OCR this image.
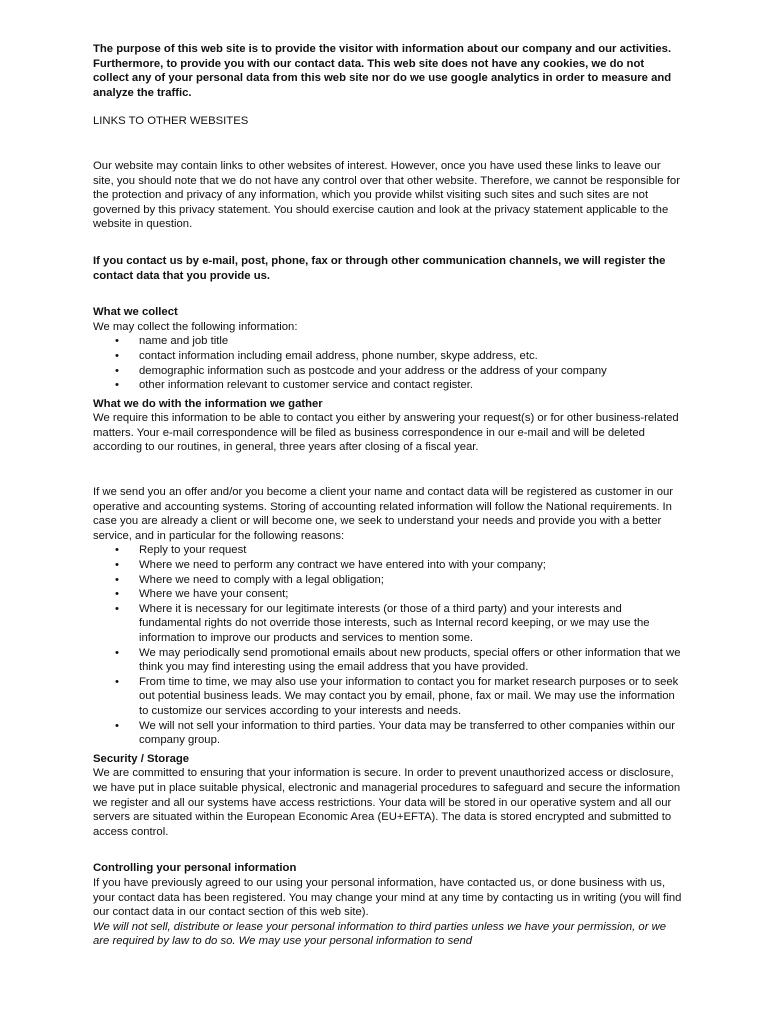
The purpose of this web site is to provide the visitor with information about our company and our activities. Furthermore, to provide you with our contact data. This web site does not have any cookies, we do not collect any of your personal data from this web site nor do we use google analytics in order to measure and analyze the traffic.

LINKS TO OTHER WEBSITES

Our website may contain links to other websites of interest. However, once you have used these links to leave our site, you should note that we do not have any control over that other website. Therefore, we cannot be responsible for the protection and privacy of any information, which you provide whilst visiting such sites and such sites are not governed by this privacy statement. You should exercise caution and look at the privacy statement applicable to the website in question.

If you contact us by e-mail, post, phone, fax or through other communication channels, we will register the contact data that you provide us.

What we collect

We may collect the following information:

• name and job title
• contact information including email address, phone number, skype address, etc.
• demographic information such as postcode and your address or the address of your company
• other information relevant to customer service and contact register.

What we do with the information we gather

We require this information to be able to contact you either by answering your request(s) or for other business-related matters. Your e-mail correspondence will be filed as business correspondence in our e-mail and will be deleted according to our routines, in general, three years after closing of a fiscal year.

If we send you an offer and/or you become a client your name and contact data will be registered as customer in our operative and accounting systems. Storing of accounting related information will follow the National requirements. In case you are already a client or will become one, we seek to understand your needs and provide you with a better service, and in particular for the following reasons:

• Reply to your request
• Where we need to perform any contract we have entered into with your company;
• Where we need to comply with a legal obligation;
• Where we have your consent;
• Where it is necessary for our legitimate interests (or those of a third party) and your interests and fundamental rights do not override those interests, such as Internal record keeping, or we may use the information to improve our products and services to mention some.
• We may periodically send promotional emails about new products, special offers or other information that we think you may find interesting using the email address that you have provided.
• From time to time, we may also use your information to contact you for market research purposes or to seek out potential business leads. We may contact you by email, phone, fax or mail. We may use the information to customize our services according to your interests and needs.
• We will not sell your information to third parties. Your data may be transferred to other companies within our company group.

Security / Storage

We are committed to ensuring that your information is secure. In order to prevent unauthorized access or disclosure, we have put in place suitable physical, electronic and managerial procedures to safeguard and secure the information we register and all our systems have access restrictions. Your data will be stored in our operative system and all our servers are situated within the European Economic Area (EU+EFTA). The data is stored encrypted and submitted to access control.

Controlling your personal information

If you have previously agreed to our using your personal information, have contacted us, or done business with us, your contact data has been registered. You may change your mind at any time by contacting us in writing (you will find our contact data in our contact section of this web site).

We will not sell, distribute or lease your personal information to third parties unless we have your permission, or we are required by law to do so. We may use your personal information to send
